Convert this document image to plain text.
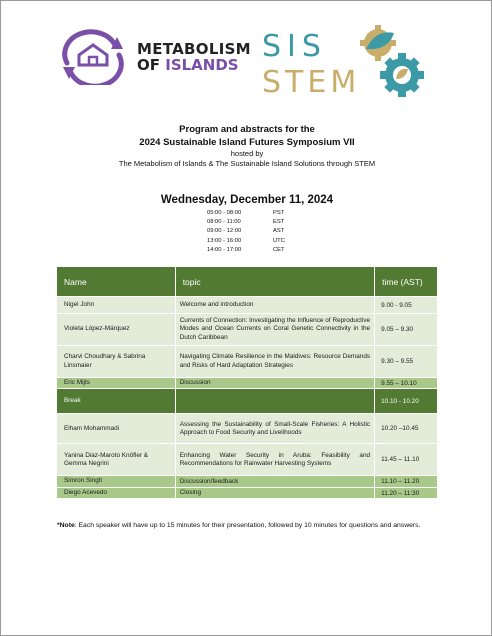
METABOLISM
OF ISLANDS
SIS
STEM
Program and abstracts for the
2024 Sustainable Island Futures Symposium VII
hosted by
The Metabolism of Islands & The Sustainable Island Solutions through STEM
Wednesday, December 11, 2024
05:00 - 08:00	PST
08:00 - 11:00	EST
09:00 - 12:00	AST
13:00 - 16:00	UTC
14:00 - 17:00	CET
Name	topic	time (AST)
Nigel John	Welcome and introduction	9.00 - 9.05
Violeta López-Márquez	Currents of Connection: Investigating the Influence of Reproductive Modes and Ocean Currents on Coral Genetic Connectivity in the Dutch Caribbean	9.05 – 9.30
Charvi Choudhary & Sabrina Linsmaier	Navigating Climate Resilience in the Maldives: Resource Demands and Risks of Hard Adaptation Strategies	9.30 – 9.55
Eric Mijts	Discussion	9.55 – 10.10
Break		10.10 - 10.20
Elham Mohammadi	Assessing the Sustainability of Small-Scale Fisheries: A Holistic Approach to Food Security and Livelihoods	10.20 –10.45
Yanina Diaz-Maroto Knöfler & Gemma Negrini	Enhancing Water Security in Aruba: Feasibility and Recommendations for Rainwater Harvesting Systems	11.45 – 11.10
Simron Singh	Discussion/feedback	11.10 – 11.20
Diego Acevedo	Closing	11.20 – 11:30
*Note: Each speaker will have up to 15 minutes for their presentation, followed by 10 minutes for questions and answers.
